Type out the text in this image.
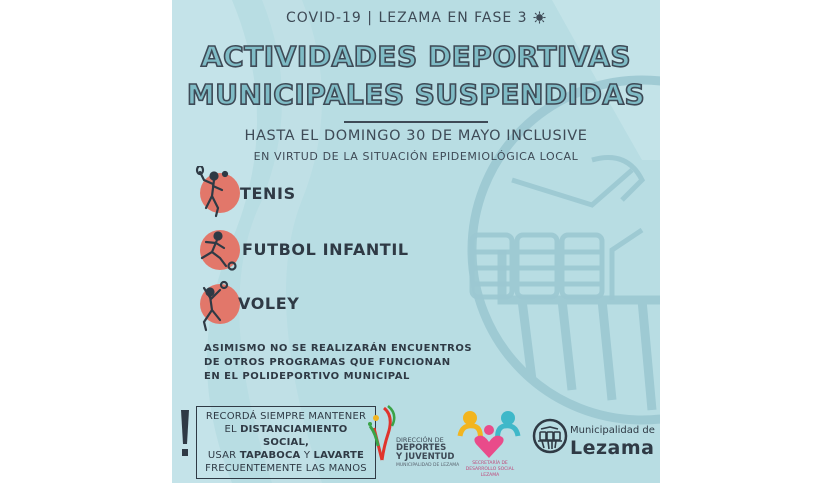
COVID-19 | LEZAMA EN FASE 3
ACTIVIDADES DEPORTIVAS
MUNICIPALES SUSPENDIDAS
HASTA EL DOMINGO 30 DE MAYO INCLUSIVE
EN VIRTUD DE LA SITUACIÓN EPIDEMIOLÓGICA LOCAL
TENIS
FUTBOL INFANTIL
VOLEY
ASIMISMO NO SE REALIZARÁN ENCUENTROS
DE OTROS PROGRAMAS QUE FUNCIONAN
EN EL POLIDEPORTIVO MUNICIPAL
RECORDÁ SIEMPRE MANTENER
EL DISTANCIAMIENTO SOCIAL,
USAR TAPABOCA Y LAVARTE
FRECUENTEMENTE LAS MANOS
DIRECCIÓN DE
DEPORTES
Y JUVENTUD
MUNICIPALIDAD DE LEZAMA	SECRETARÍA DE
DESARROLLO SOCIAL
LEZAMA
Municipalidad de
Lezama
